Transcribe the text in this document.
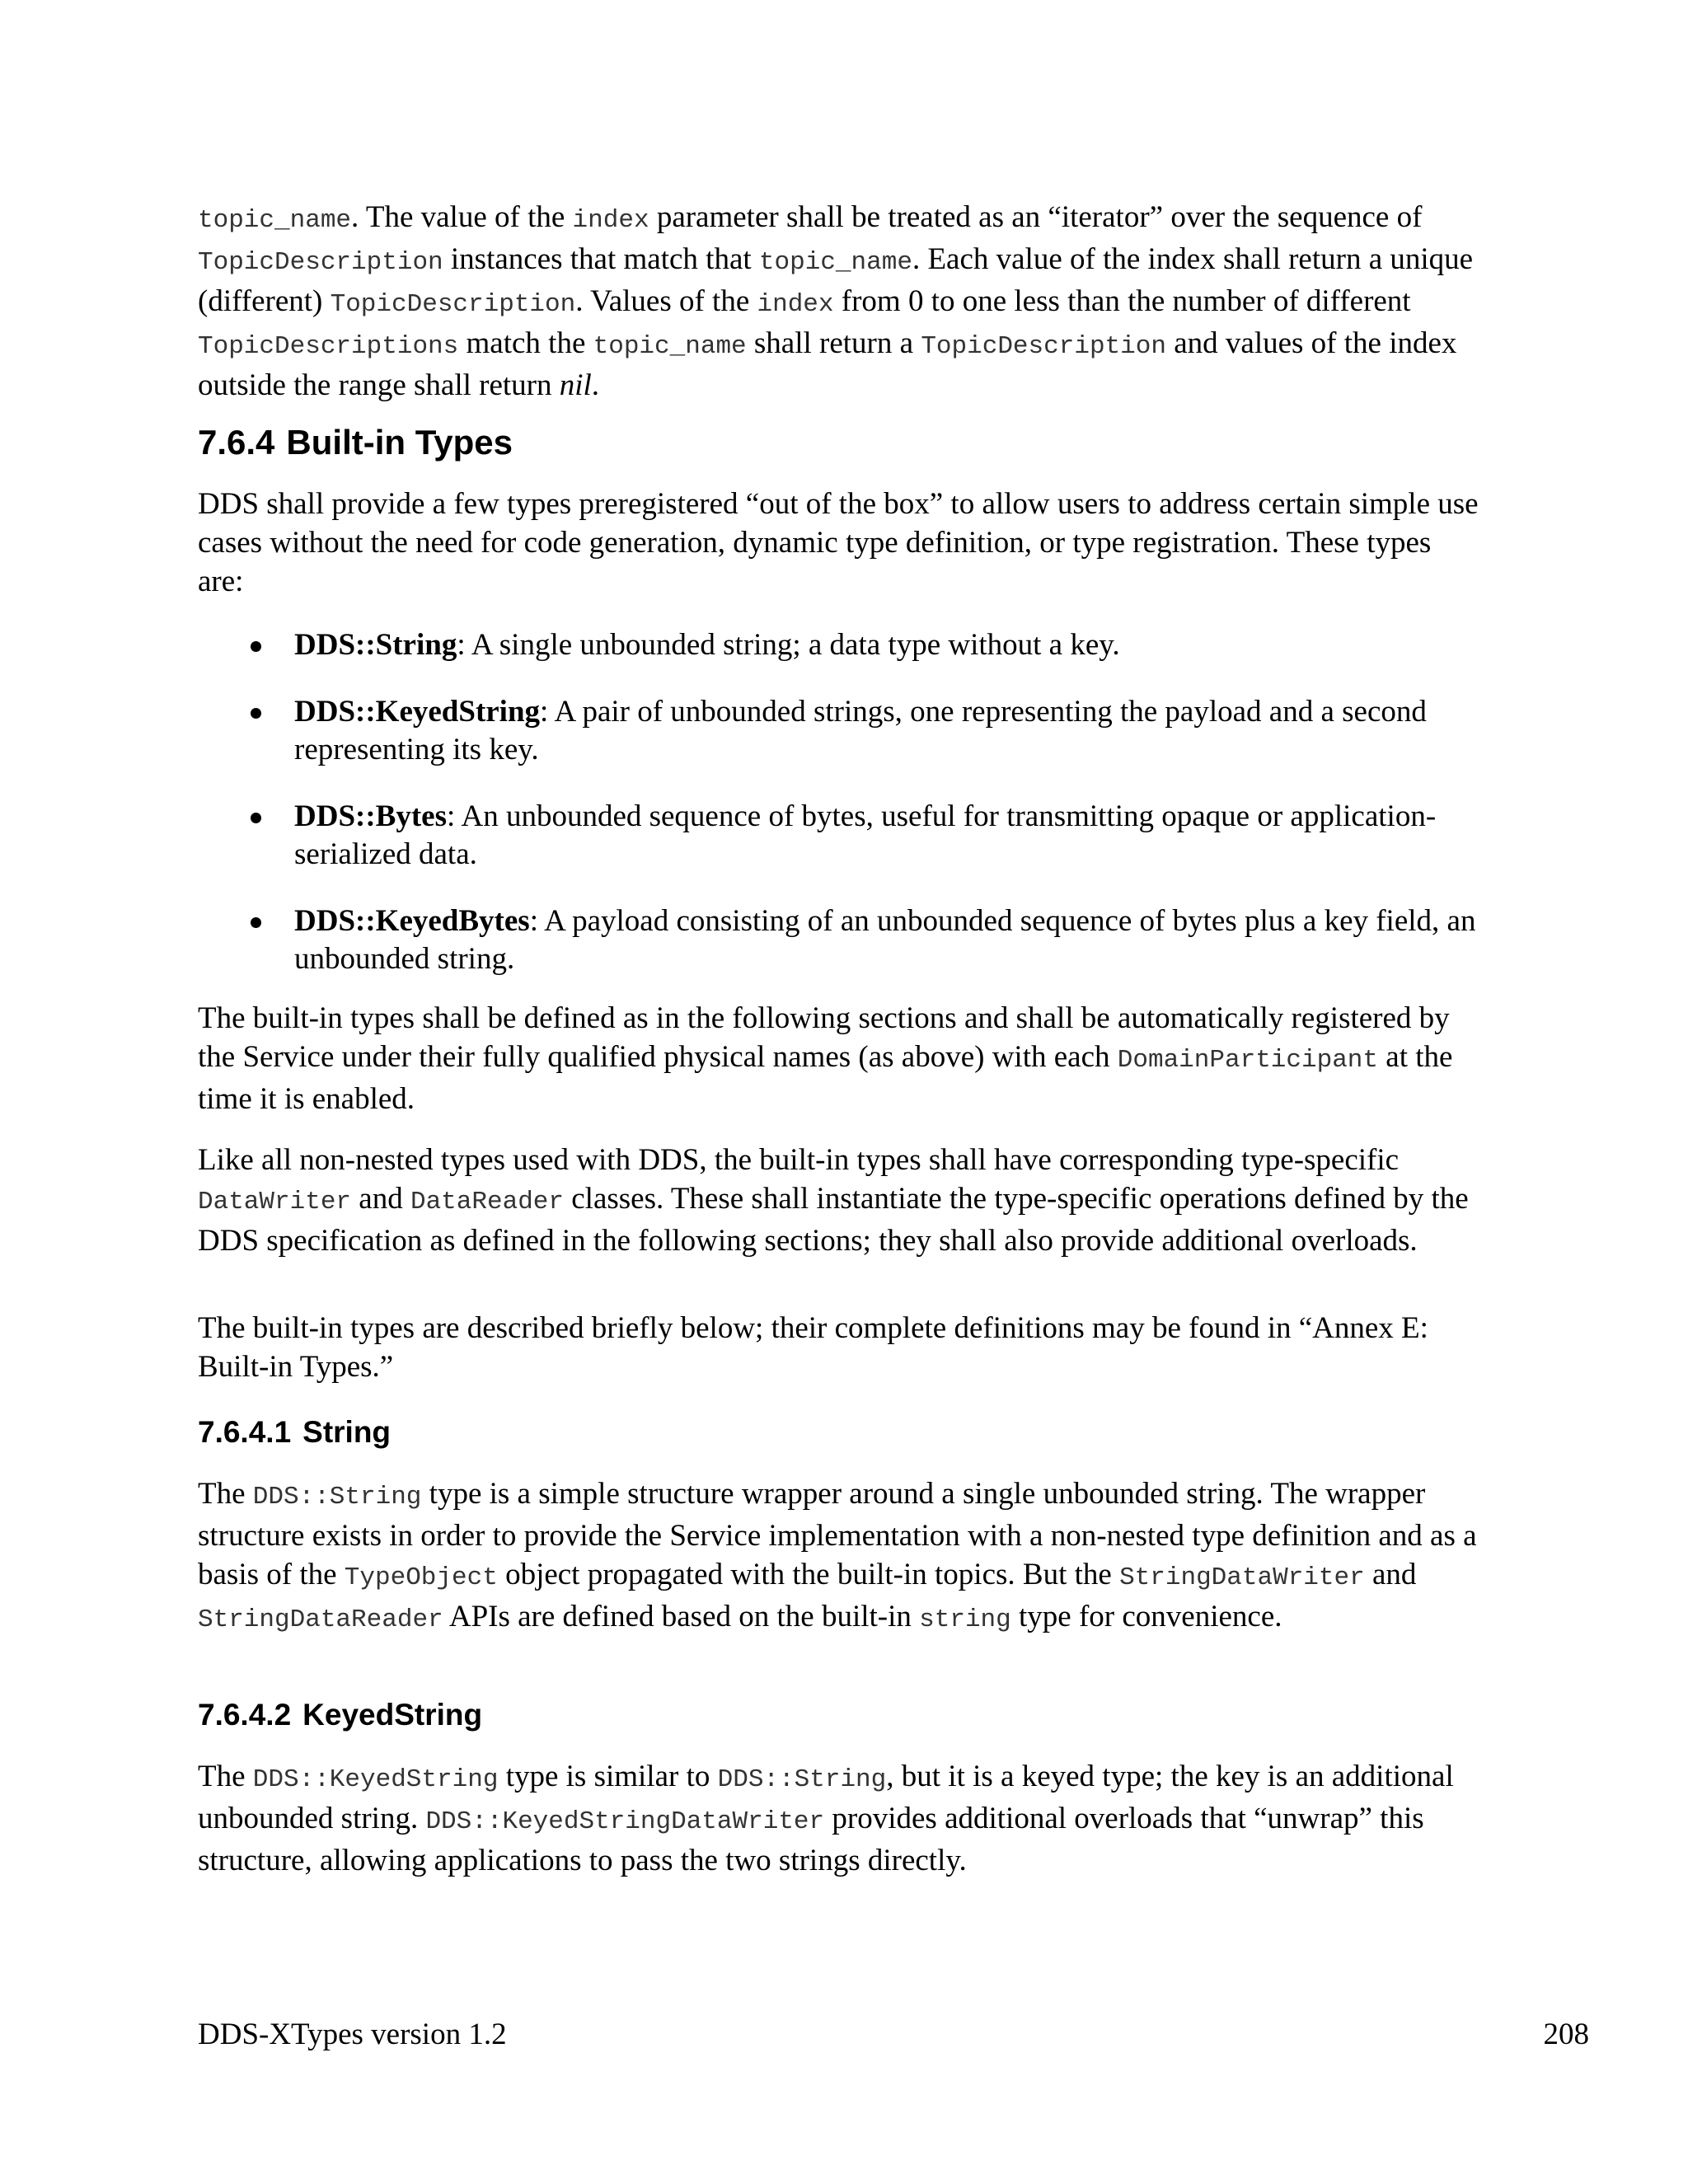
topic_name. The value of the index parameter shall be treated as an “iterator” over the sequence of TopicDescription instances that match that topic_name. Each value of the index shall return a unique (different) TopicDescription. Values of the index from 0 to one less than the number of different TopicDescriptions match the topic_name shall return a TopicDescription and values of the index outside the range shall return nil.

7.6.4 Built-in Types

DDS shall provide a few types preregistered “out of the box” to allow users to address certain simple use cases without the need for code generation, dynamic type definition, or type registration. These types are:

DDS::String: A single unbounded string; a data type without a key.
DDS::KeyedString: A pair of unbounded strings, one representing the payload and a second representing its key.
DDS::Bytes: An unbounded sequence of bytes, useful for transmitting opaque or application-serialized data.
DDS::KeyedBytes: A payload consisting of an unbounded sequence of bytes plus a key field, an unbounded string.

The built-in types shall be defined as in the following sections and shall be automatically registered by the Service under their fully qualified physical names (as above) with each DomainParticipant at the time it is enabled.

Like all non-nested types used with DDS, the built-in types shall have corresponding type-specific DataWriter and DataReader classes. These shall instantiate the type-specific operations defined by the DDS specification as defined in the following sections; they shall also provide additional overloads.

The built-in types are described briefly below; their complete definitions may be found in “Annex E: Built-in Types.”

7.6.4.1 String

The DDS::String type is a simple structure wrapper around a single unbounded string. The wrapper structure exists in order to provide the Service implementation with a non-nested type definition and as a basis of the TypeObject object propagated with the built-in topics. But the StringDataWriter and StringDataReader APIs are defined based on the built-in string type for convenience.

7.6.4.2 KeyedString

The DDS::KeyedString type is similar to DDS::String, but it is a keyed type; the key is an additional unbounded string. DDS::KeyedStringDataWriter provides additional overloads that “unwrap” this structure, allowing applications to pass the two strings directly.

DDS-XTypes version 1.2	208
